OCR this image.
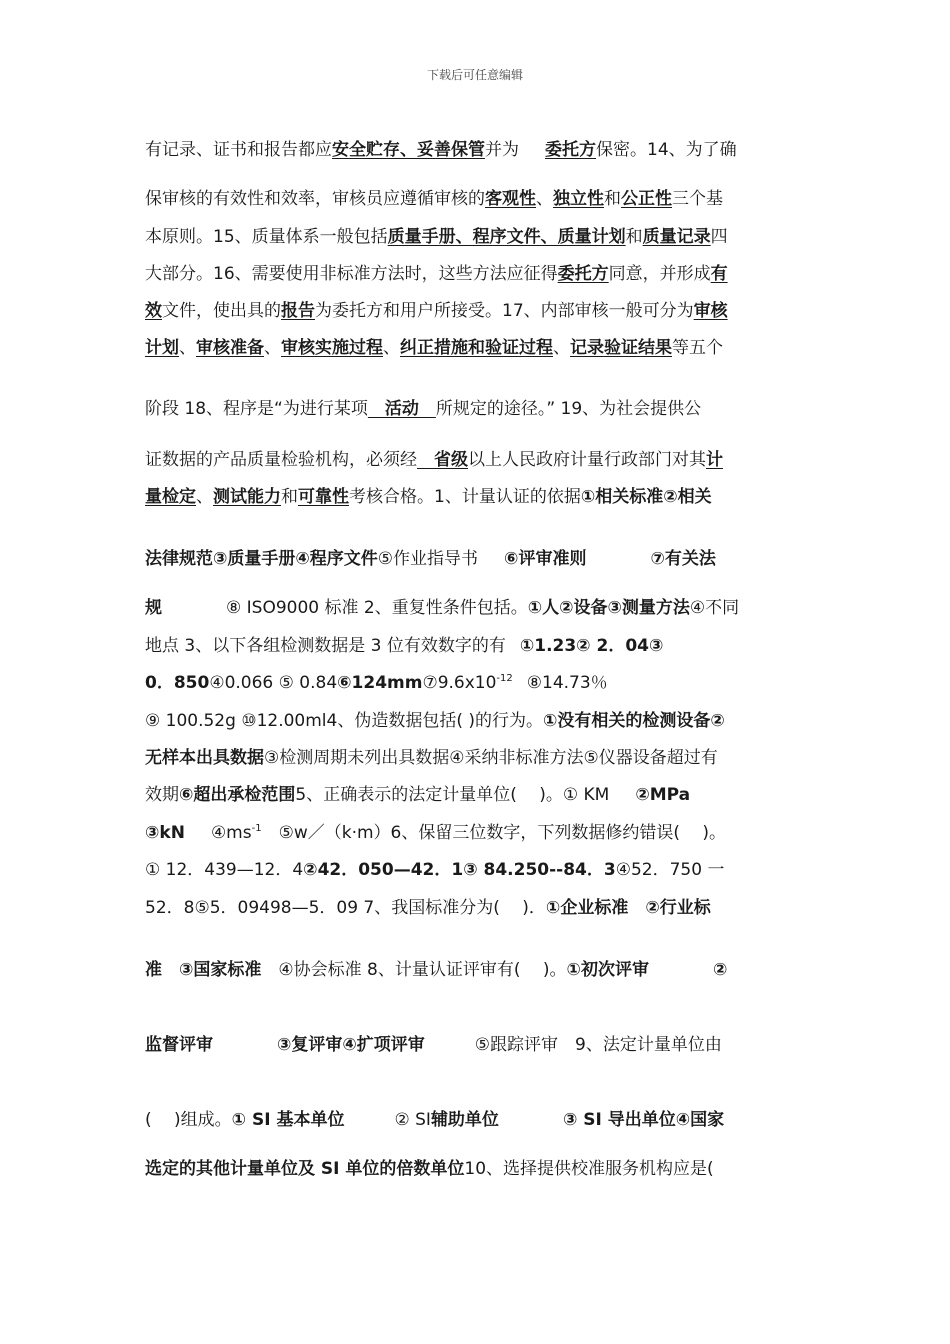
下载后可任意编辑
有记录、证书和报告都应安全贮存、妥善保管并为 委托方保密。14、为了确
保审核的有效性和效率，审核员应遵循审核的客观性、独立性和公正性三个基
本原则。15、质量体系一般包括质量手册、程序文件、质量计划和质量记录四
大部分。16、需要使用非标准方法时，这些方法应征得委托方同意，并形成有
效文件，使出具的报告为委托方和用户所接受。17、内部审核一般可分为审核
计划、审核准备、审核实施过程、纠正措施和验证过程、记录验证结果等五个
阶段 18、程序是“为进行某项　活动　所规定的途径。” 19、为社会提供公
证数据的产品质量检验机构，必须经　省级以上人民政府计量行政部门对其计
量检定、测试能力和可靠性考核合格。1、计量认证的依据①相关标准②相关
法律规范③质量手册④程序文件⑤作业指导书 ⑥评审准则	⑦有关法
规	⑧ ISO9000 标准 2、重复性条件包括。①人②设备③测量方法④不同
地点 3、以下各组检测数据是 3 位有效数字的有 ①1.23② 2．04③
0．850④0.066 ⑤ $0.84⑥124mm⑦9.6x10^{-12}$ ⑧14.73％
⑨ 100.52g ⑩12.00ml4、伪造数据包括( )的行为。①没有相关的检测设备②
无样本出具数据③检测周期未列出具数据④采纳非标准方法⑤仪器设备超过有
效期⑥超出承检范围5、正确表示的法定计量单位(　 )。① KM ②MPa
③kN $④ms^{-1}$　⑤w／（k·m）6、保留三位数字，下列数据修约错误(　 )。
① 12．439—12．4②42．050—42．1③ 84.250--84．3④52．750 一
52．8⑤5．09498—5．09 7、我国标准分为(　 )．①企业标准　②行业标
准　③国家标准　④协会标准 8、计量认证评审有(　 )。①初次评审	②
监督评审	③复评审④扩项评审	⑤跟踪评审　9、法定计量单位由
(　 )组成。① SI 基本单位	② SI辅助单位	③ SI 导出单位④国家
选定的其他计量单位及 SI 单位的倍数单位10、选择提供校准服务机构应是(
